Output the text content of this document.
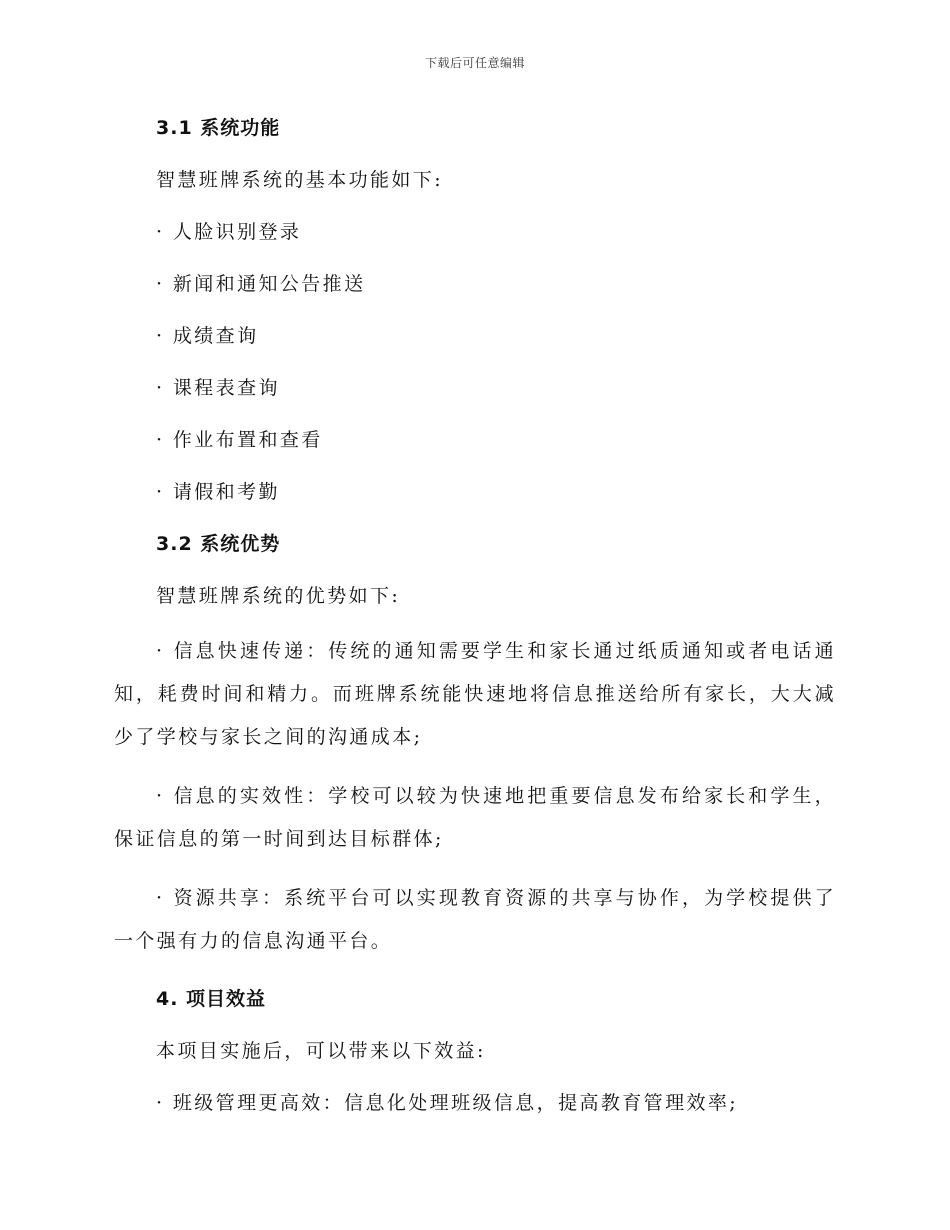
下载后可任意编辑
3.1 系统功能

智慧班牌系统的基本功能如下:

· 人脸识别登录
· 新闻和通知公告推送
· 成绩查询
· 课程表查询
· 作业布置和查看
· 请假和考勤
3.2 系统优势

智慧班牌系统的优势如下:

· 信息快速传递：传统的通知需要学生和家长通过纸质通知或者电话通知，耗费时间和精力。而班牌系统能快速地将信息推送给所有家长，大大减少了学校与家长之间的沟通成本;

· 信息的实效性：学校可以较为快速地把重要信息发布给家长和学生，保证信息的第一时间到达目标群体;

· 资源共享：系统平台可以实现教育资源的共享与协作，为学校提供了一个强有力的信息沟通平台。

4. 项目效益

本项目实施后，可以带来以下效益:

· 班级管理更高效：信息化处理班级信息，提高教育管理效率;
